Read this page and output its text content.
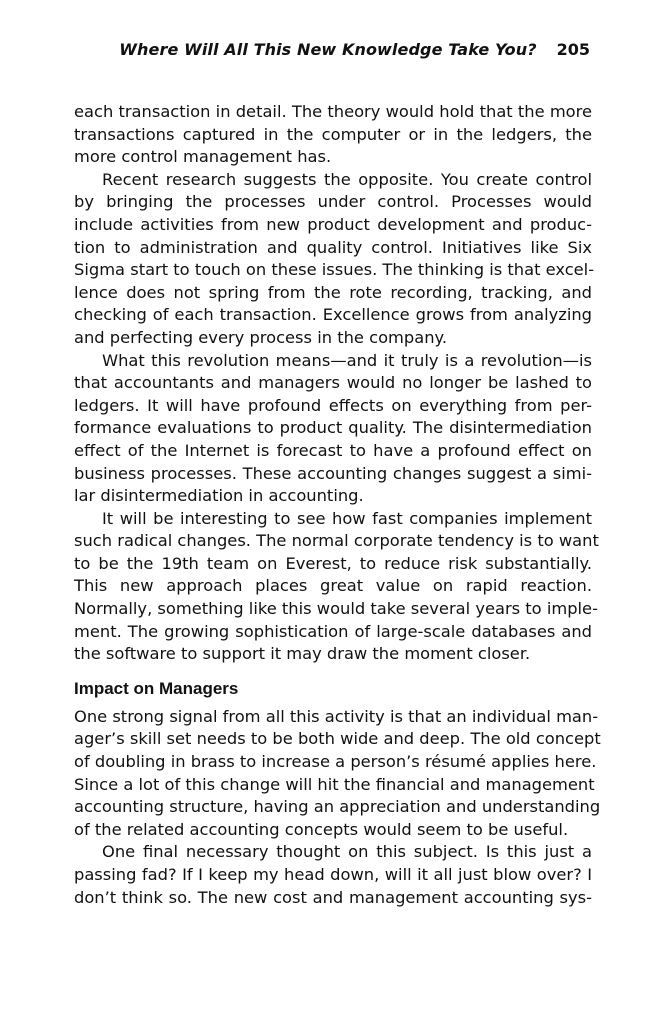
Where Will All This New Knowledge Take You? 205
each transaction in detail. The theory would hold that the more
transactions captured in the computer or in the ledgers, the
more control management has.
Recent research suggests the opposite. You create control
by bringing the processes under control. Processes would
include activities from new product development and produc-
tion to administration and quality control. Initiatives like Six
Sigma start to touch on these issues. The thinking is that excel-
lence does not spring from the rote recording, tracking, and
checking of each transaction. Excellence grows from analyzing
and perfecting every process in the company.
What this revolution means—and it truly is a revolution—is
that accountants and managers would no longer be lashed to
ledgers. It will have profound effects on everything from per-
formance evaluations to product quality. The disintermediation
effect of the Internet is forecast to have a profound effect on
business processes. These accounting changes suggest a simi-
lar disintermediation in accounting.
It will be interesting to see how fast companies implement
such radical changes. The normal corporate tendency is to want
to be the 19th team on Everest, to reduce risk substantially.
This new approach places great value on rapid reaction.
Normally, something like this would take several years to imple-
ment. The growing sophistication of large-scale databases and
the software to support it may draw the moment closer.
Impact on Managers
One strong signal from all this activity is that an individual man-
ager’s skill set needs to be both wide and deep. The old concept
of doubling in brass to increase a person’s résumé applies here.
Since a lot of this change will hit the financial and management
accounting structure, having an appreciation and understanding
of the related accounting concepts would seem to be useful.
One final necessary thought on this subject. Is this just a
passing fad? If I keep my head down, will it all just blow over? I
don’t think so. The new cost and management accounting sys-
